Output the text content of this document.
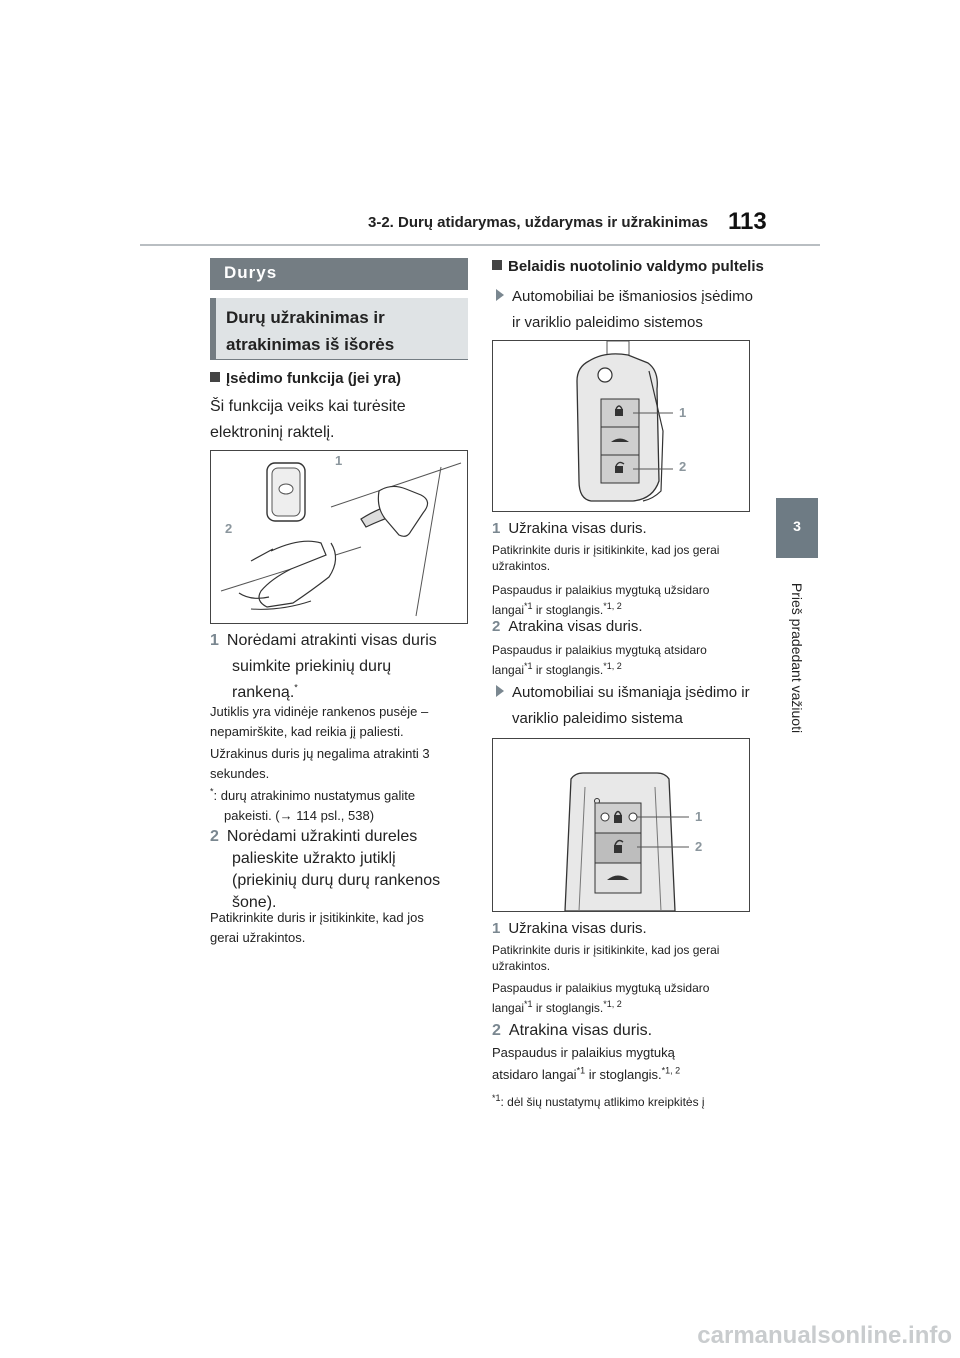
3-2. Durų atidarymas, uždarymas ir užrakinimas 113
3
Prieš pradedant važiuoti
Durys
Durų užrakinimas ir
atrakinimas iš išorės
Įsėdimo funkcija (jei yra)
Ši funkcija veiks kai turėsite
elektroninį raktelį.
1
2
1 Norėdami atrakinti visas duris
suimkite priekinių durų
rankeną.*
Jutiklis yra vidinėje rankenos pusėje –
nepamirškite, kad reikia jį paliesti.
Užrakinus duris jų negalima atrakinti 3
sekundes.
*: durų atrakinimo nustatymus galite
pakeisti. (→ 114 psl., 538)
2 Norėdami užrakinti dureles
palieskite užrakto jutiklį
(priekinių durų durų rankenos
šone).
Patikrinkite duris ir įsitikinkite, kad jos
gerai užrakintos.
Belaidis nuotolinio valdymo pultelis
Automobiliai be išmaniosios įsėdimo
ir variklio paleidimo sistemos
1
2
1 Užrakina visas duris.
Patikrinkite duris ir įsitikinkite, kad jos gerai
užrakintos.
Paspaudus ir palaikius mygtuką užsidaro
langai$^{*1}$ ir stoglangis.$^{*1, 2}$
2 Atrakina visas duris.
Paspaudus ir palaikius mygtuką atsidaro
langai$^{*1}$ ir stoglangis.$^{*1, 2}$
Automobiliai su išmaniąja įsėdimo ir
variklio paleidimo sistema
1
2
1 Užrakina visas duris.
Patikrinkite duris ir įsitikinkite, kad jos gerai
užrakintos.
Paspaudus ir palaikius mygtuką užsidaro
langai$^{*1}$ ir stoglangis.$^{*1, 2}$
2 Atrakina visas duris.
Paspaudus ir palaikius mygtuką
atsidaro langai$^{*1}$ ir stoglangis.$^{*1, 2}$
$^{*1}$: dėl šių nustatymų atlikimo kreipkitės į
carmanualsonline.info
